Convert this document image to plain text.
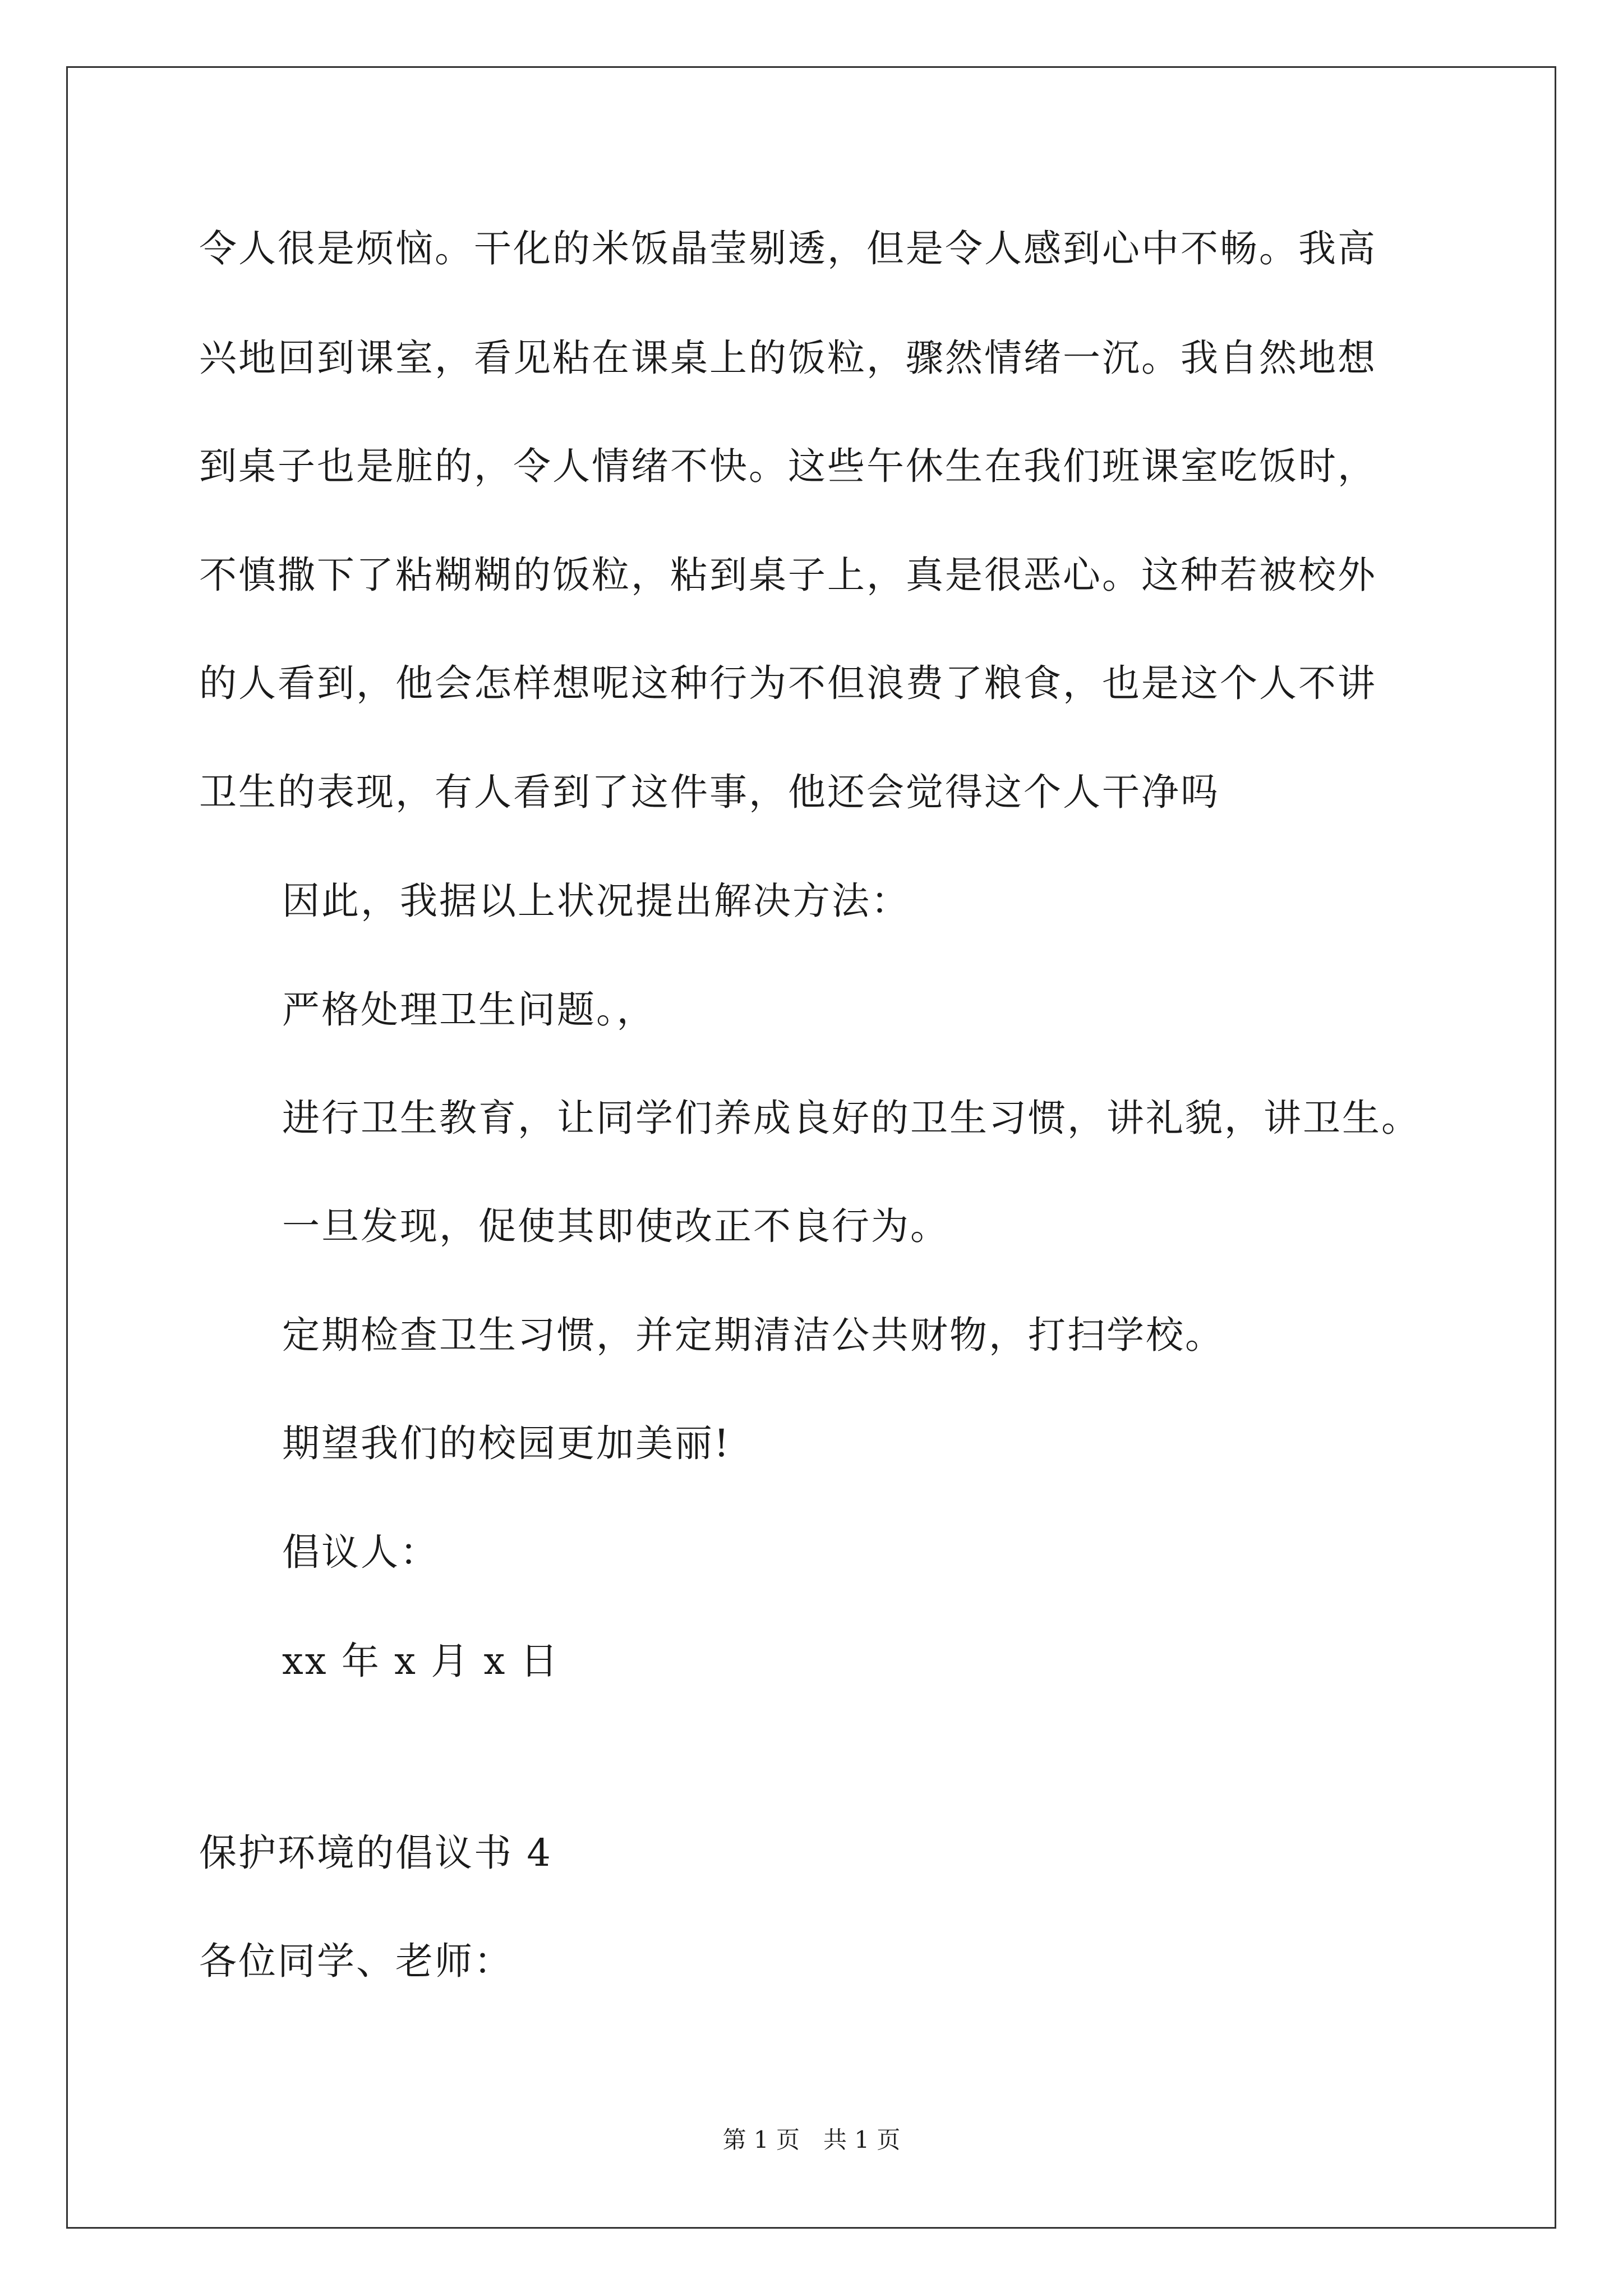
令人很是烦恼。干化的米饭晶莹剔透，但是令人感到心中不畅。我高
兴地回到课室，看见粘在课桌上的饭粒，骤然情绪一沉。我自然地想
到桌子也是脏的，令人情绪不快。这些午休生在我们班课室吃饭时，
不慎撒下了粘糊糊的饭粒，粘到桌子上，真是很恶心。这种若被校外
的人看到，他会怎样想呢这种行为不但浪费了粮食，也是这个人不讲
卫生的表现，有人看到了这件事，他还会觉得这个人干净吗
因此，我据以上状况提出解决方法：
严格处理卫生问题。，
进行卫生教育，让同学们养成良好的卫生习惯，讲礼貌，讲卫生。
一旦发现，促使其即使改正不良行为。
定期检查卫生习惯，并定期清洁公共财物，打扫学校。
期望我们的校园更加美丽!
倡议人：
xx 年 x 月 x 日
保护环境的倡议书 4
各位同学、老师：
第 1 页　共 1 页
